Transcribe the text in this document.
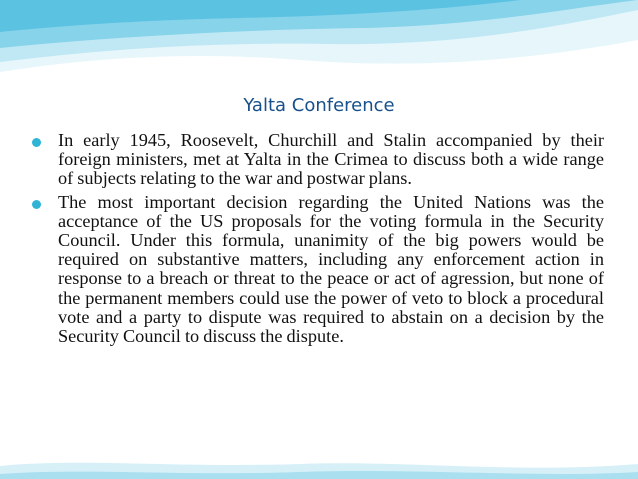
Yalta Conference
In early 1945, Roosevelt, Churchill and Stalin accompanied by their foreign ministers, met at Yalta in the Crimea to discuss both a wide range of subjects relating to the war and postwar plans.
The most important decision regarding the United Nations was the acceptance of the US proposals for the voting formula in the Security Council. Under this formula, unanimity of the big powers would be required on substantive matters, including any enforcement action in response to a breach or threat to the peace or act of agression, but none of the permanent members could use the power of veto to block a procedural vote and a party to dispute was required to abstain on a decision by the Security Council to discuss the dispute.
